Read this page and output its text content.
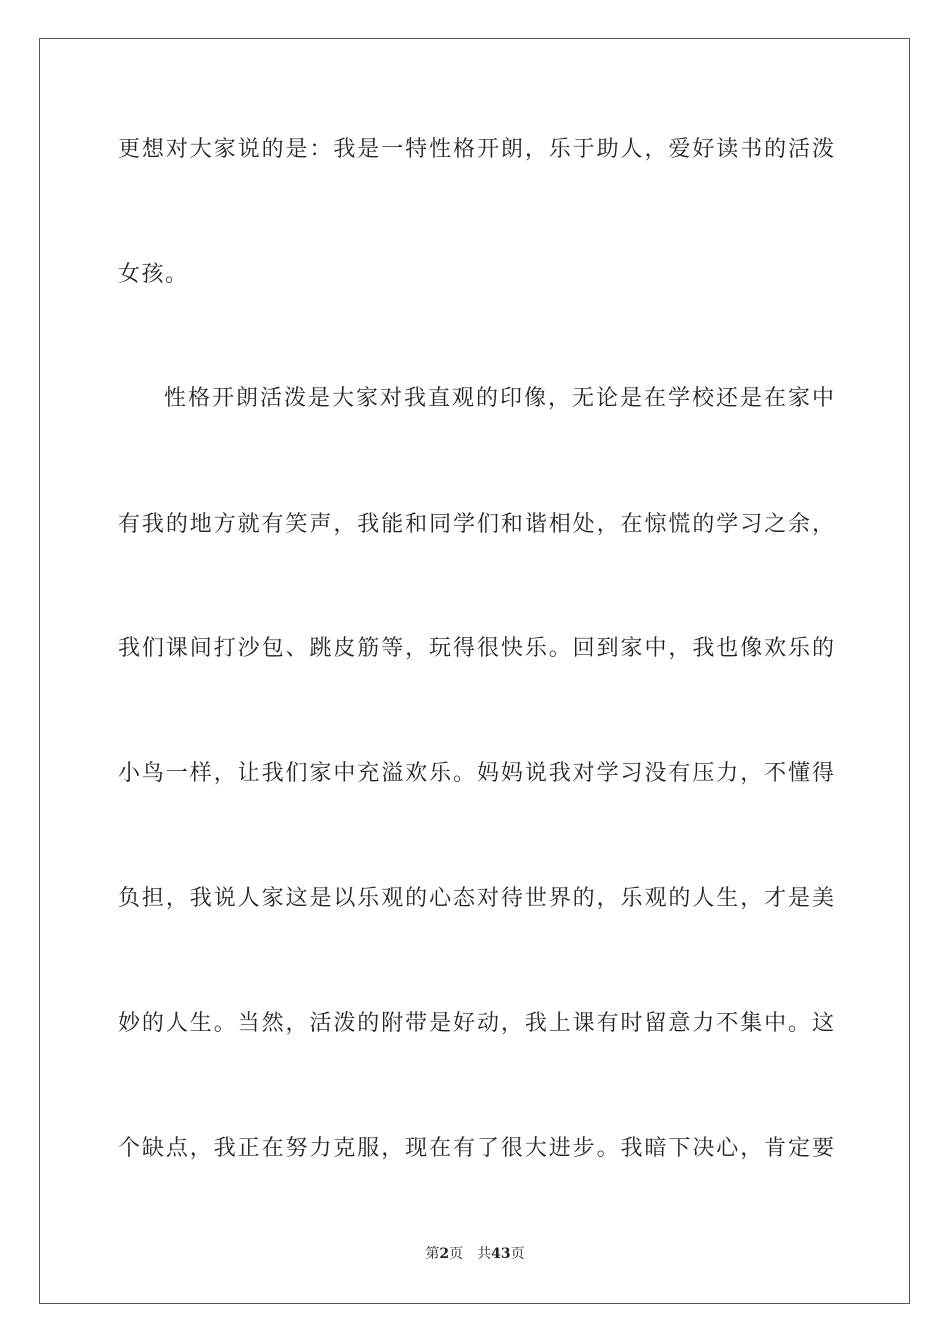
更想对大家说的是：我是一特性格开朗，乐于助人，爱好读书的活泼
女孩。
性格开朗活泼是大家对我直观的印像，无论是在学校还是在家中
有我的地方就有笑声，我能和同学们和谐相处，在惊慌的学习之余，
我们课间打沙包、跳皮筋等，玩得很快乐。回到家中，我也像欢乐的
小鸟一样，让我们家中充溢欢乐。妈妈说我对学习没有压力，不懂得
负担，我说人家这是以乐观的心态对待世界的，乐观的人生，才是美
妙的人生。当然，活泼的附带是好动，我上课有时留意力不集中。这
个缺点，我正在努力克服，现在有了很大进步。我暗下决心，肯定要
第2页 共43页
